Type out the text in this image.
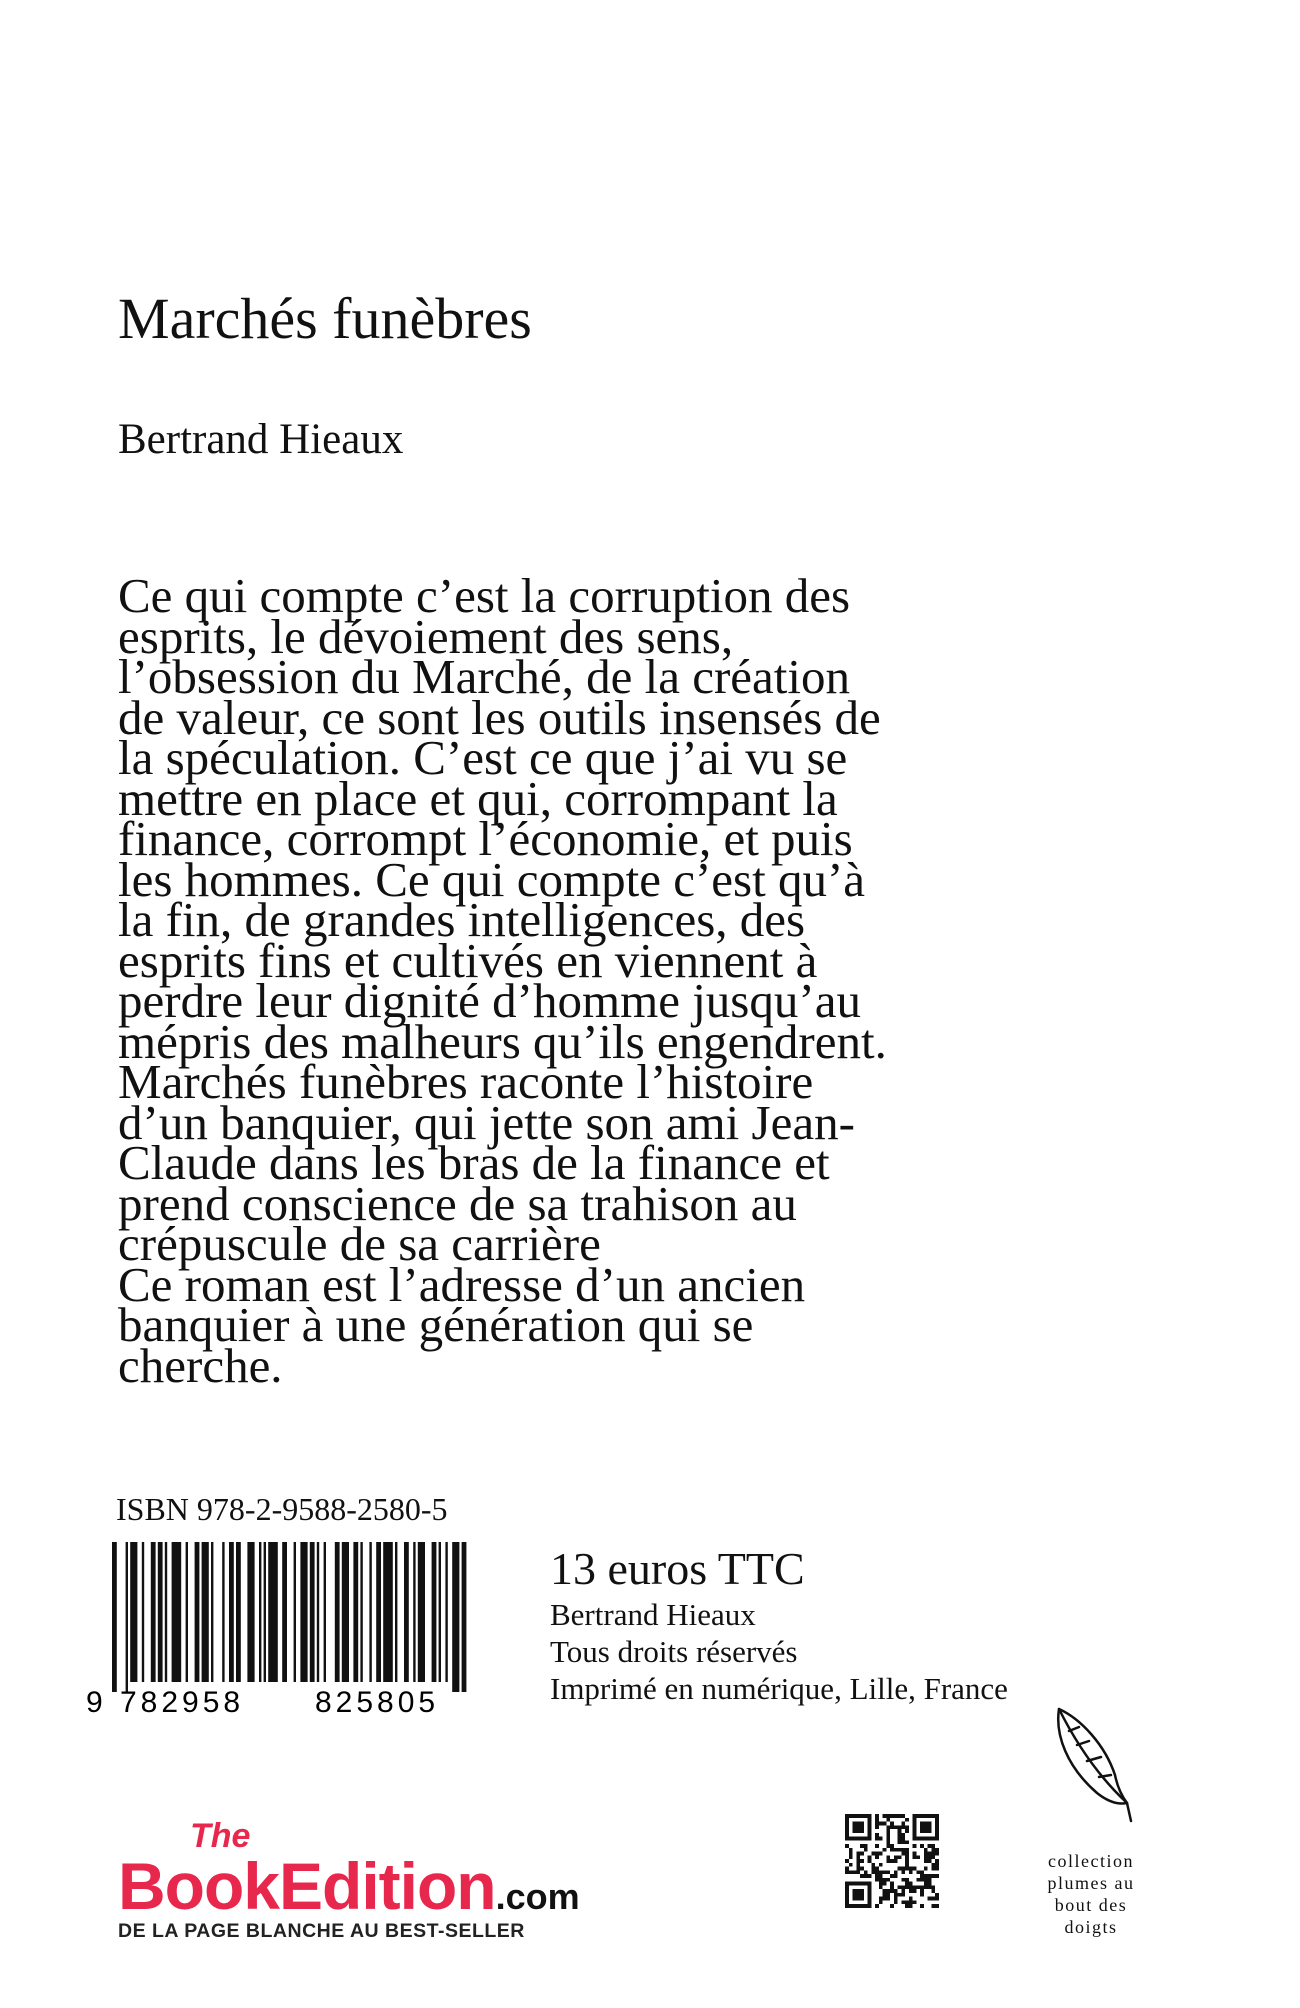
Marchés funèbres
Bertrand Hieaux
Ce qui compte c’est la corruption des
esprits, le dévoiement des sens,
l’obsession du Marché, de la création
de valeur, ce sont les outils insensés de
la spéculation. C’est ce que j’ai vu se
mettre en place et qui, corrompant la
finance, corrompt l’économie, et puis
les hommes. Ce qui compte c’est qu’à
la fin, de grandes intelligences, des
esprits fins et cultivés en viennent à
perdre leur dignité d’homme jusqu’au
mépris des malheurs qu’ils engendrent.
Marchés funèbres raconte l’histoire
d’un banquier, qui jette son ami Jean-
Claude dans les bras de la finance et
prend conscience de sa trahison au
crépuscule de sa carrière
Ce roman est l’adresse d’un ancien
banquier à une génération qui se
cherche.
ISBN 978-2-9588-2580-5
9 782958 825805
13 euros TTC
Bertrand Hieaux
Tous droits réservés
Imprimé en numérique, Lille, France
The
BookEdition.com
DE LA PAGE BLANCHE AU BEST-SELLER
collection
plumes au
bout des
doigts
